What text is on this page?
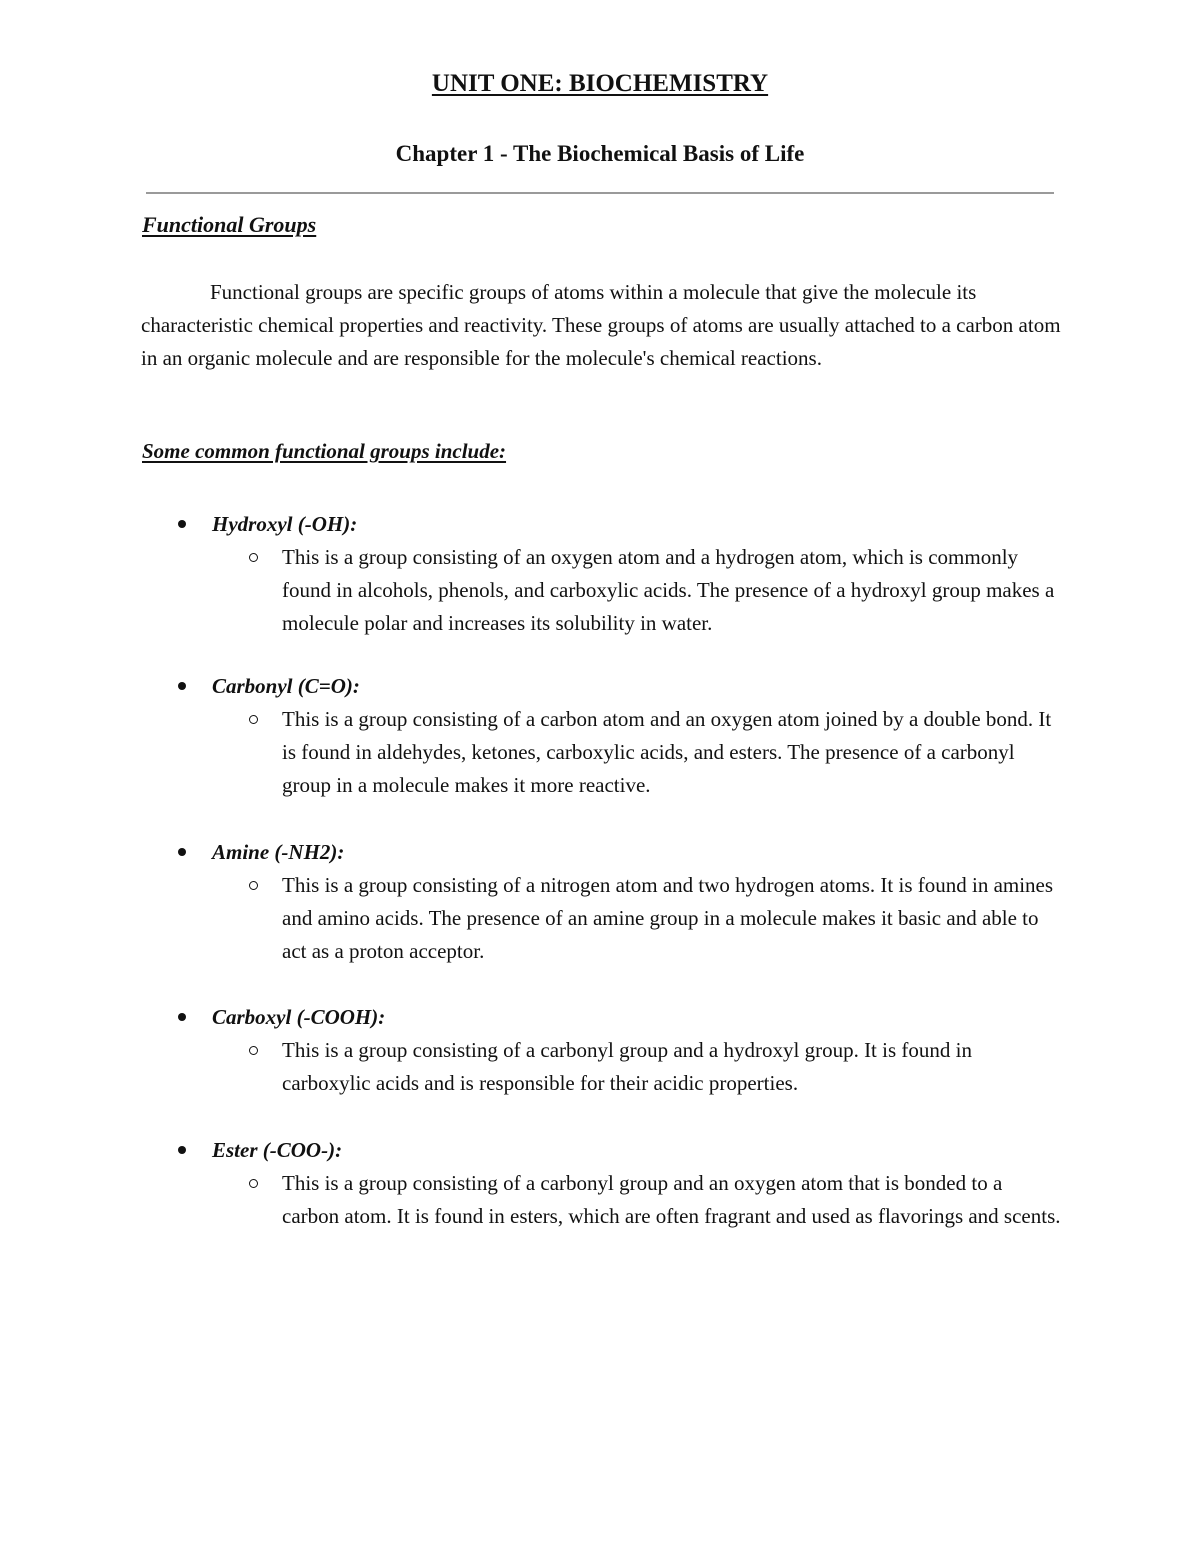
UNIT ONE: BIOCHEMISTRY
Chapter 1 - The Biochemical Basis of Life
Functional Groups

Functional groups are specific groups of atoms within a molecule that give the molecule its characteristic chemical properties and reactivity. These groups of atoms are usually attached to a carbon atom in an organic molecule and are responsible for the molecule's chemical reactions.

Some common functional groups include:
Hydroxyl (-OH):

This is a group consisting of an oxygen atom and a hydrogen atom, which is commonly found in alcohols, phenols, and carboxylic acids. The presence of a hydroxyl group makes a molecule polar and increases its solubility in water.

Carbonyl (C=O):

This is a group consisting of a carbon atom and an oxygen atom joined by a double bond. It is found in aldehydes, ketones, carboxylic acids, and esters. The presence of a carbonyl group in a molecule makes it more reactive.

Amine (-NH2):

This is a group consisting of a nitrogen atom and two hydrogen atoms. It is found in amines and amino acids. The presence of an amine group in a molecule makes it basic and able to act as a proton acceptor.

Carboxyl (-COOH):

This is a group consisting of a carbonyl group and a hydroxyl group. It is found in carboxylic acids and is responsible for their acidic properties.

Ester (-COO-):

This is a group consisting of a carbonyl group and an oxygen atom that is bonded to a carbon atom. It is found in esters, which are often fragrant and used as flavorings and scents.
